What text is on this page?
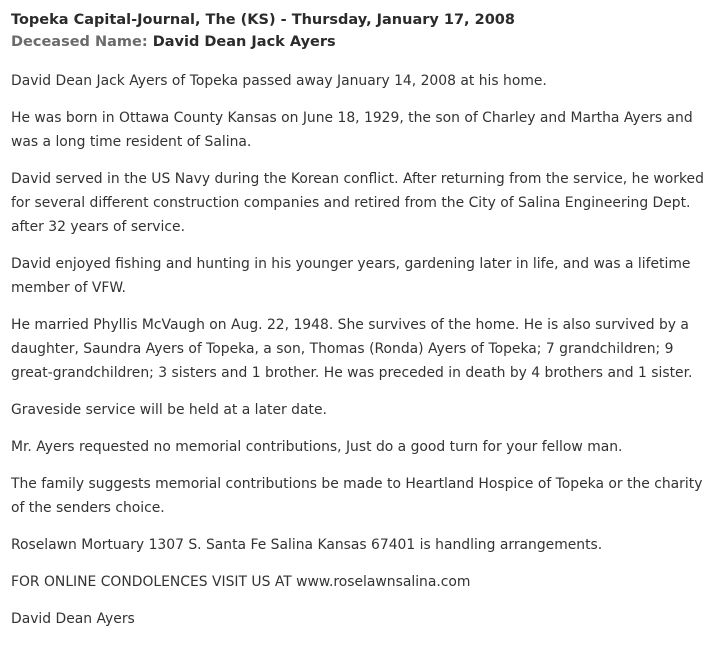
Topeka Capital-Journal, The (KS) - Thursday, January 17, 2008
Deceased Name: David Dean Jack Ayers

David Dean Jack Ayers of Topeka passed away January 14, 2008 at his home.

He was born in Ottawa County Kansas on June 18, 1929, the son of Charley and Martha Ayers and was a long time resident of Salina.

David served in the US Navy during the Korean conflict. After returning from the service, he worked for several different construction companies and retired from the City of Salina Engineering Dept. after 32 years of service.

David enjoyed fishing and hunting in his younger years, gardening later in life, and was a lifetime member of VFW.

He married Phyllis McVaugh on Aug. 22, 1948. She survives of the home. He is also survived by a daughter, Saundra Ayers of Topeka, a son, Thomas (Ronda) Ayers of Topeka; 7 grandchildren; 9 great-grandchildren; 3 sisters and 1 brother. He was preceded in death by 4 brothers and 1 sister.

Graveside service will be held at a later date.

Mr. Ayers requested no memorial contributions, Just do a good turn for your fellow man.

The family suggests memorial contributions be made to Heartland Hospice of Topeka or the charity of the senders choice.

Roselawn Mortuary 1307 S. Santa Fe Salina Kansas 67401 is handling arrangements.

FOR ONLINE CONDOLENCES VISIT US AT www.roselawnsalina.com

David Dean Ayers
